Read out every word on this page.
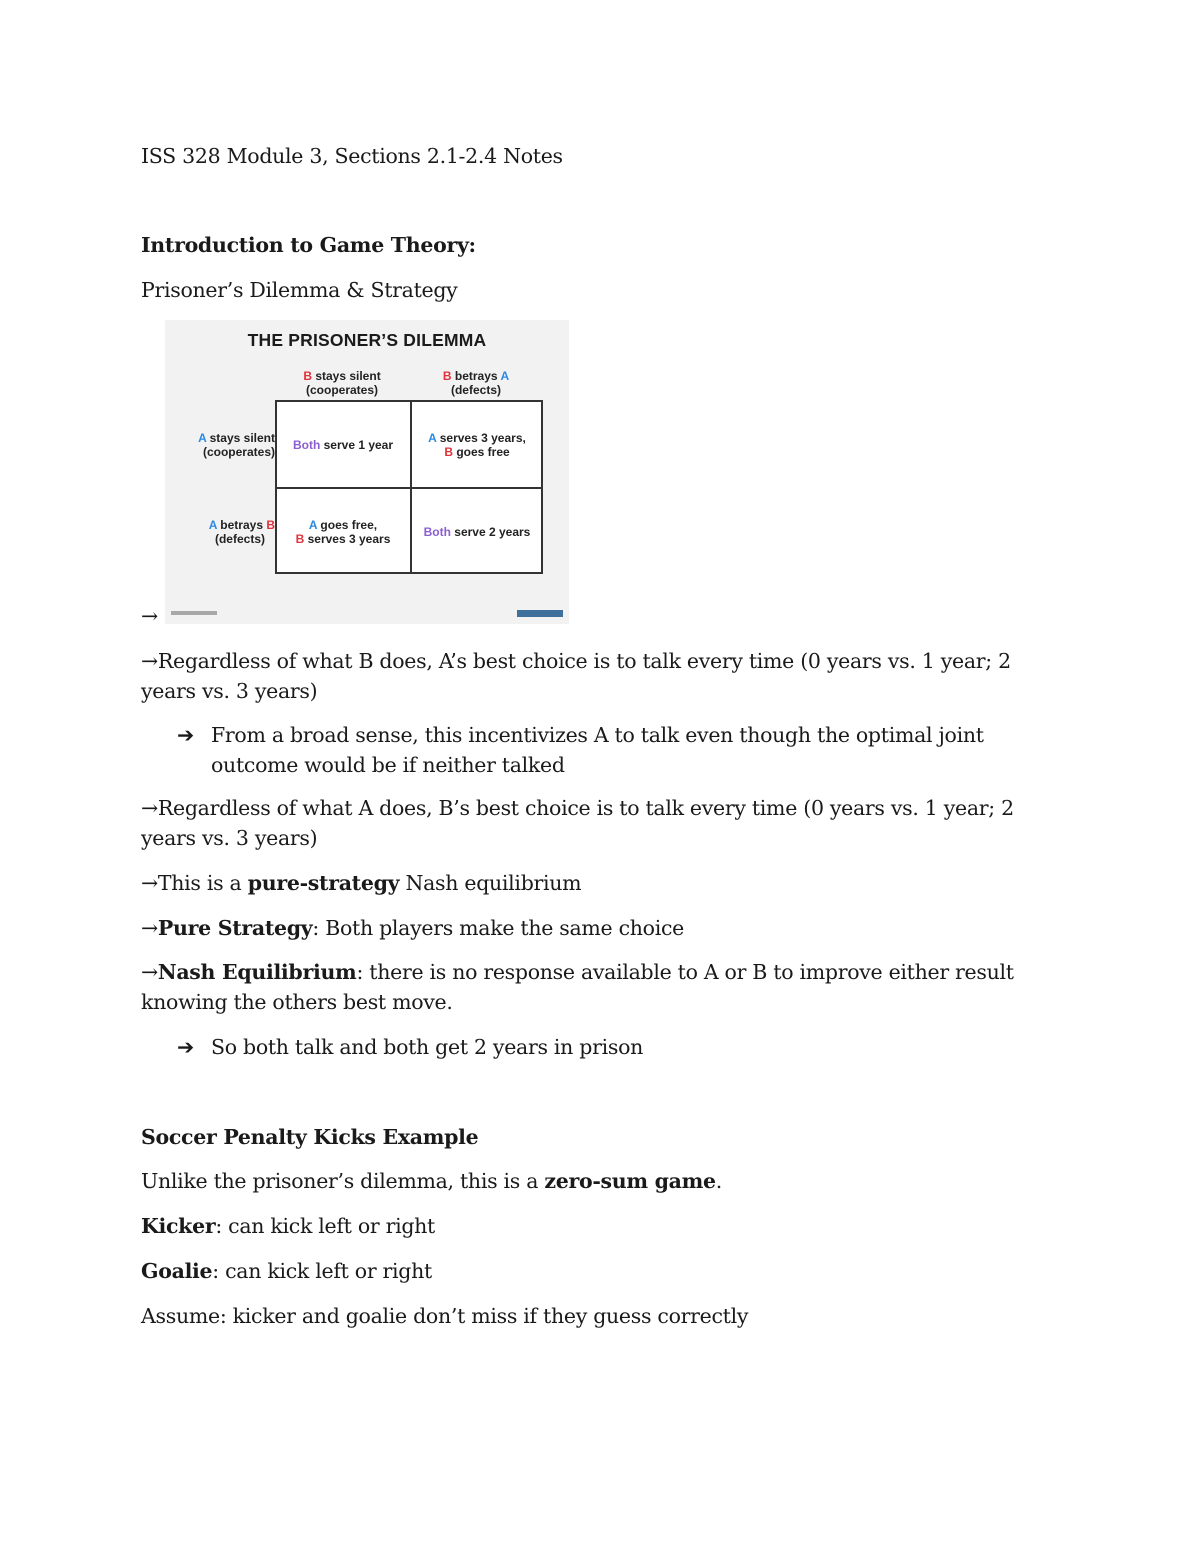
ISS 328 Module 3, Sections 2.1-2.4 Notes
Introduction to Game Theory:
Prisoner’s Dilemma & Strategy
THE PRISONER’S DILEMMA
B stays silent
(cooperates)
B betrays A
(defects)
A stays silent
(cooperates)
A betrays B
(defects)
Both serve 1 year	A serves 3 years,
B goes free
A goes free,
B serves 3 years	Both serve 2 years
→
→Regardless of what B does, A’s best choice is to talk every time (0 years vs. 1 year; 2 years vs. 3 years)
➔ From a broad sense, this incentivizes A to talk even though the optimal joint outcome would be if neither talked
→Regardless of what A does, B’s best choice is to talk every time (0 years vs. 1 year; 2 years vs. 3 years)
→This is a pure-strategy Nash equilibrium
→Pure Strategy: Both players make the same choice
→Nash Equilibrium: there is no response available to A or B to improve either result knowing the others best move.
➔ So both talk and both get 2 years in prison
Soccer Penalty Kicks Example
Unlike the prisoner’s dilemma, this is a zero-sum game.
Kicker: can kick left or right
Goalie: can kick left or right
Assume: kicker and goalie don’t miss if they guess correctly
